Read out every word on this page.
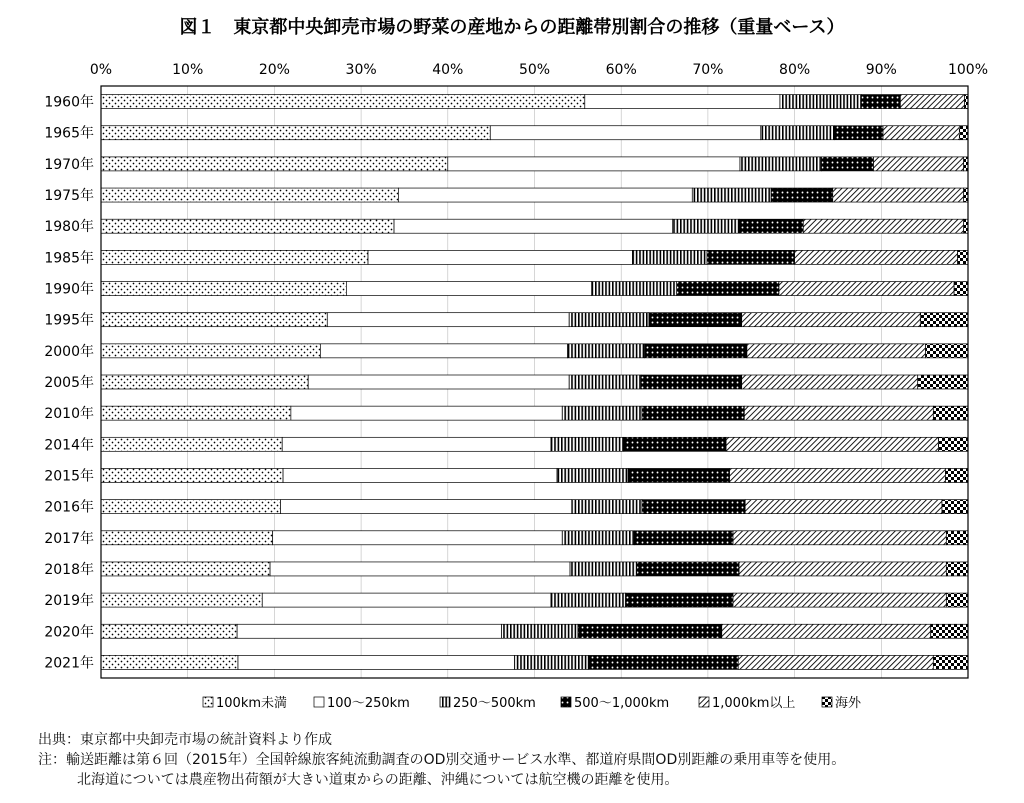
図１　東京都中央卸売市場の野菜の産地からの距離帯別割合の推移（重量ベース）
0%	10%	20%	30%	40%	50%	60%	70%	80%	90%	100%
1960年
1965年
1970年
1975年
1980年
1985年
1990年
1995年
2000年
2005年
2010年
2014年
2015年
2016年
2017年
2018年
2019年
2020年
2021年
100km未満	100～250km	250～500km	500～1,000km	1,000km以上	海外
出典：東京都中央卸売市場の統計資料より作成
注：輸送距離は第６回（2015年）全国幹線旅客純流動調査のOD別交通サービス水準、都道府県間OD別距離の乗用車等を使用。
北海道については農産物出荷額が大きい道東からの距離、沖縄については航空機の距離を使用。
